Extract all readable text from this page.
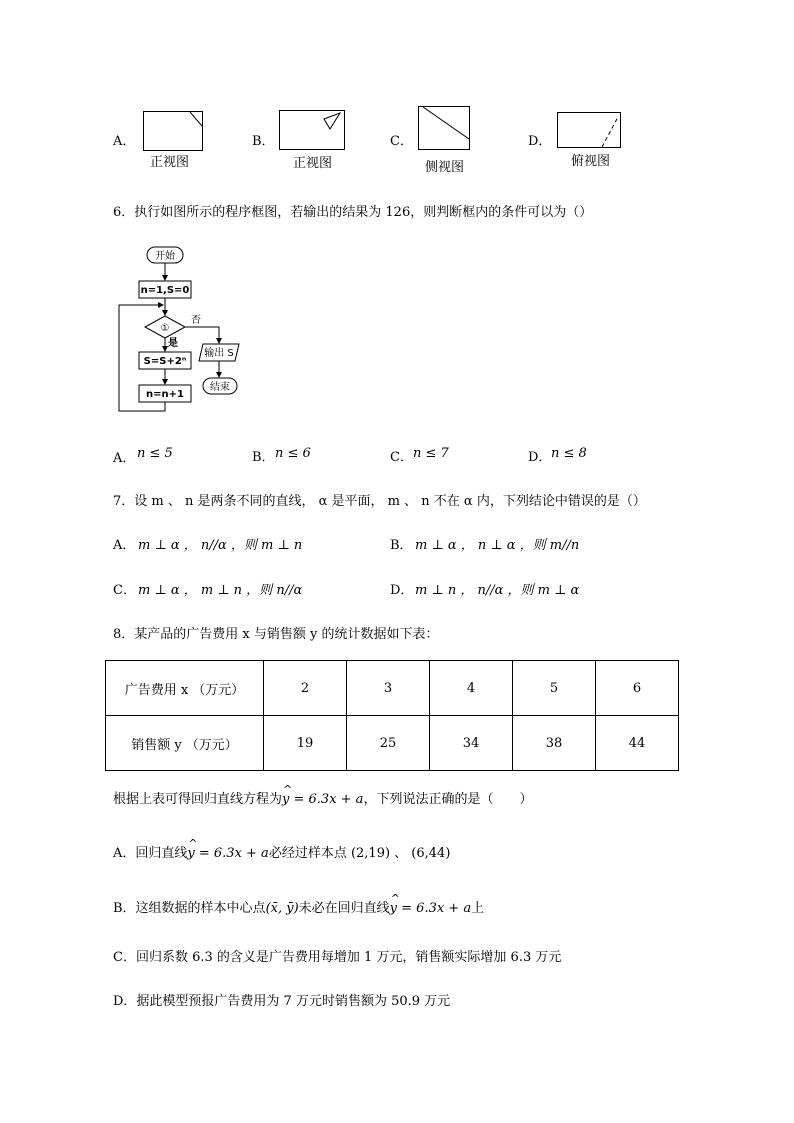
A．
正视图
B．
正视图
C．
侧视图
D．
俯视图
6．执行如图所示的程序框图，若输出的结果为 126，则判断框内的条件可以为（）
开始
n=1,S=0
①
否
是
S=S+2ⁿ
n=n+1
输出 S
结束
A． n ≤ 5	B． n ≤ 6	C． n ≤ 7	D． n ≤ 8
7．设 m 、 n 是两条不同的直线， α 是平面， m 、 n 不在 α 内，下列结论中错误的是（）
A． m ⊥ α ， n//α ，则 m ⊥ n	B． m ⊥ α ， n ⊥ α ，则 m//n
C． m ⊥ α ， m ⊥ n ，则 n//α	D． m ⊥ n ， n//α ，则 m ⊥ α
8．某产品的广告费用 x 与销售额 y 的统计数据如下表：
广告费用 x （万元）	2	3	4	5	6
销售额 y （万元）	19	25	34	38	44
根据上表可得回归直线方程为^ y = 6.3x + a，下列说法正确的是（　　）
A．回归直线^ y = 6.3x + a必经过样本点 (2,19) 、 (6,44)
B．这组数据的样本中心点(x̄, ȳ)未必在回归直线^ y = 6.3x + a上
C．回归系数 6.3 的含义是广告费用每增加 1 万元，销售额实际增加 6.3 万元
D．据此模型预报广告费用为 7 万元时销售额为 50.9 万元
